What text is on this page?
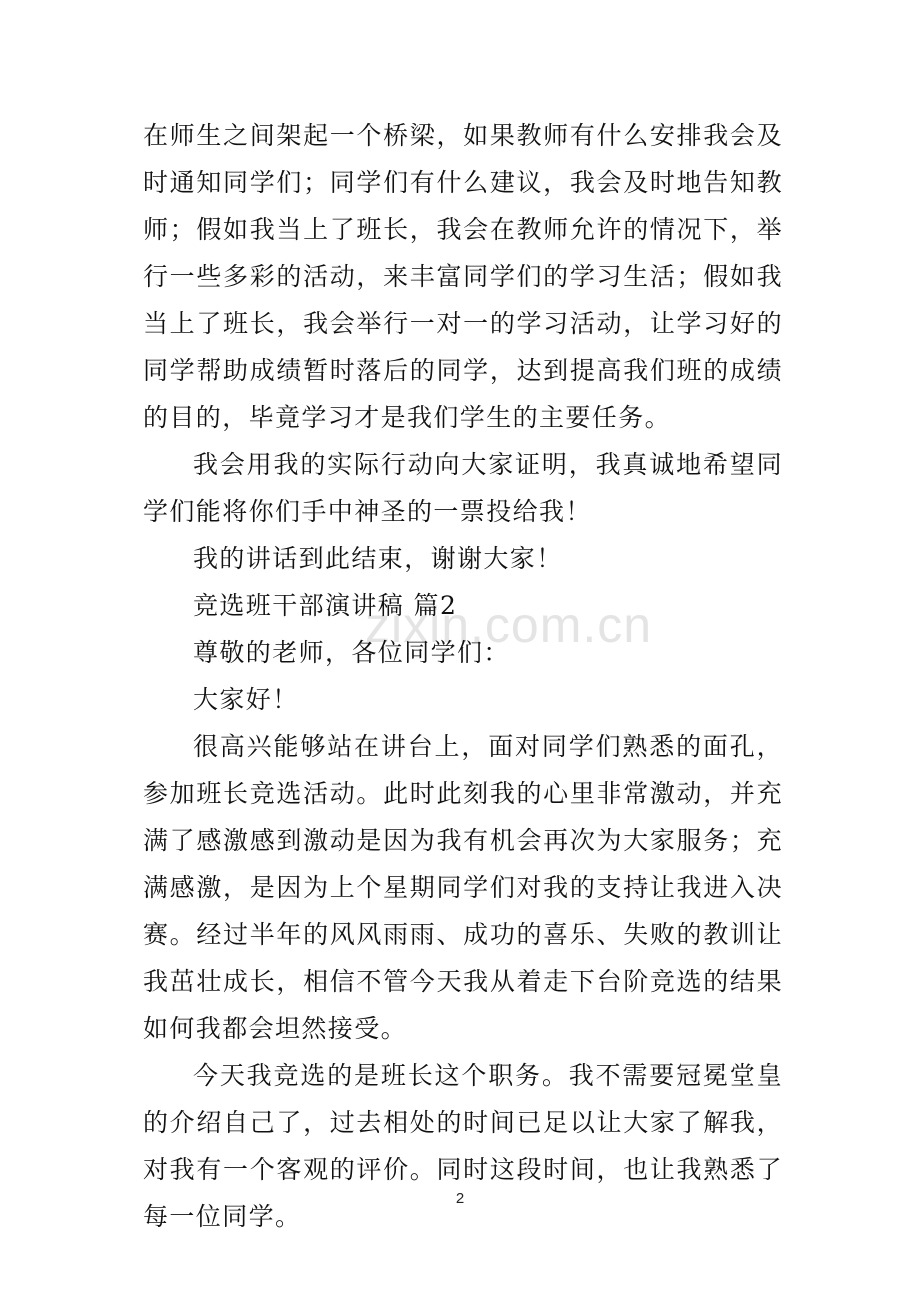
zixin.com.cn

在师生之间架起一个桥梁，如果教师有什么安排我会及时通知同学们；同学们有什么建议，我会及时地告知教师；假如我当上了班长，我会在教师允许的情况下，举行一些多彩的活动，来丰富同学们的学习生活；假如我当上了班长，我会举行一对一的学习活动，让学习好的同学帮助成绩暂时落后的同学，达到提高我们班的成绩的目的，毕竟学习才是我们学生的主要任务。

我会用我的实际行动向大家证明，我真诚地希望同学们能将你们手中神圣的一票投给我！

我的讲话到此结束，谢谢大家！

竞选班干部演讲稿 篇2

尊敬的老师，各位同学们：

大家好！

很高兴能够站在讲台上，面对同学们熟悉的面孔，参加班长竞选活动。此时此刻我的心里非常激动，并充满了感激感到激动是因为我有机会再次为大家服务；充满感激，是因为上个星期同学们对我的支持让我进入决赛。经过半年的风风雨雨、成功的喜乐、失败的教训让我茁壮成长，相信不管今天我从着走下台阶竞选的结果如何我都会坦然接受。

今天我竞选的是班长这个职务。我不需要冠冕堂皇的介绍自己了，过去相处的时间已足以让大家了解我，对我有一个客观的评价。同时这段时间，也让我熟悉了每一位同学。

2
